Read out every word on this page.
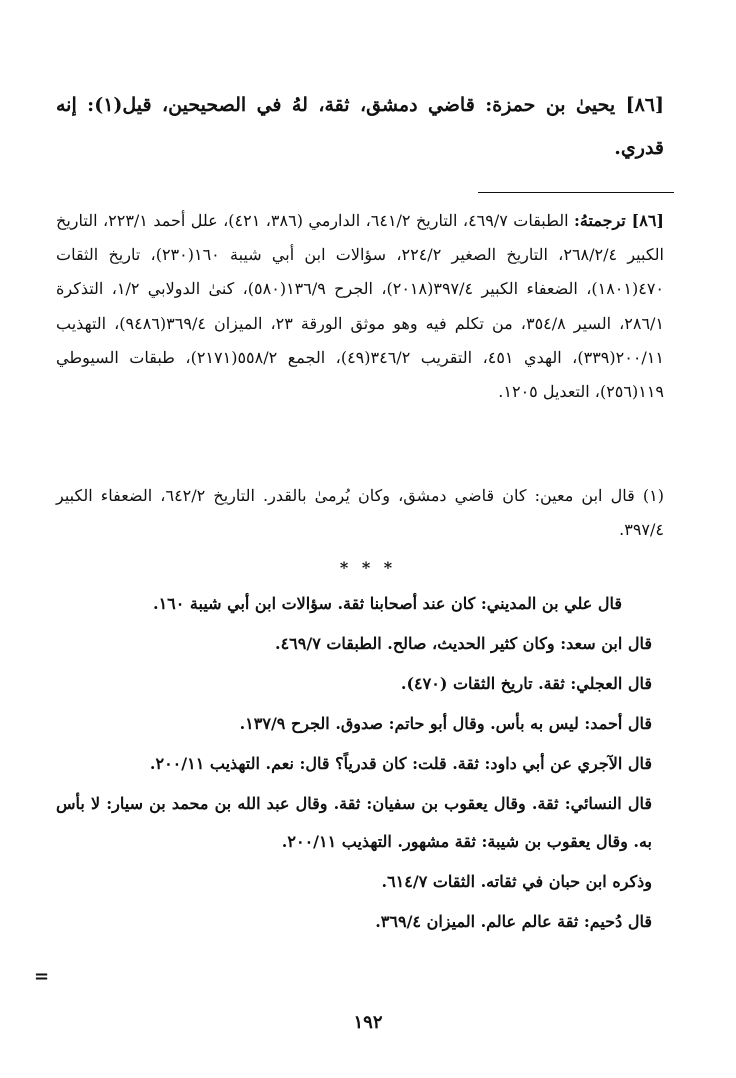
[٨٦] يحيىٰ بن حمزة: قاضي دمشق، ثقة، لهُ في الصحيحين، قيل(١): إنه قدري.
[٨٦] ترجمتهُ: الطبقات ٤٦٩/٧، التاريخ ٦٤١/٢، الدارمي (٣٨٦، ٤٢١)، علل أحمد ٢٢٣/١، التاريخ الكبير ٢٦٨/٢/٤، التاريخ الصغير ٢٢٤/٢، سؤالات ابن أبي شيبة ١٦٠(٢٣٠)، تاريخ الثقات ٤٧٠(١٨٠١)، الضعفاء الكبير ٣٩٧/٤(٢٠١٨)، الجرح ١٣٦/٩(٥٨٠)، كنىٰ الدولابي ١/٢، التذكرة ٢٨٦/١، السير ٣٥٤/٨، من تكلم فيه وهو موثق الورقة ٢٣، الميزان ٣٦٩/٤(٩٤٨٦)، التهذيب ٢٠٠/١١(٣٣٩)، الهدي ٤٥١، التقريب ٣٤٦/٢(٤٩)، الجمع ٥٥٨/٢(٢١٧١)، طبقات السيوطي ١١٩(٢٥٦)، التعديل ١٢٠٥.
(١) قال ابن معين: كان قاضي دمشق، وكان يُرمىٰ بالقدر. التاريخ ٦٤٢/٢، الضعفاء الكبير ٣٩٧/٤.
* * *

قال علي بن المديني: كان عند أصحابنا ثقة. سؤالات ابن أبي شيبة ١٦٠.

قال ابن سعد: وكان كثير الحديث، صالح. الطبقات ٤٦٩/٧.

قال العجلي: ثقة. تاريخ الثقات (٤٧٠).

قال أحمد: ليس به بأس. وقال أبو حاتم: صدوق. الجرح ١٣٧/٩.

قال الآجري عن أبي داود: ثقة. قلت: كان قدرياً؟ قال: نعم. التهذيب ٢٠٠/١١.

قال النسائي: ثقة. وقال يعقوب بن سفيان: ثقة. وقال عبد الله بن محمد بن سيار: لا بأس به. وقال يعقوب بن شيبة: ثقة مشهور. التهذيب ٢٠٠/١١.

وذكره ابن حبان في ثقاته. الثقات ٦١٤/٧.

قال دُحيم: ثقة عالم عالم. الميزان ٣٦٩/٤.

=
١٩٢
